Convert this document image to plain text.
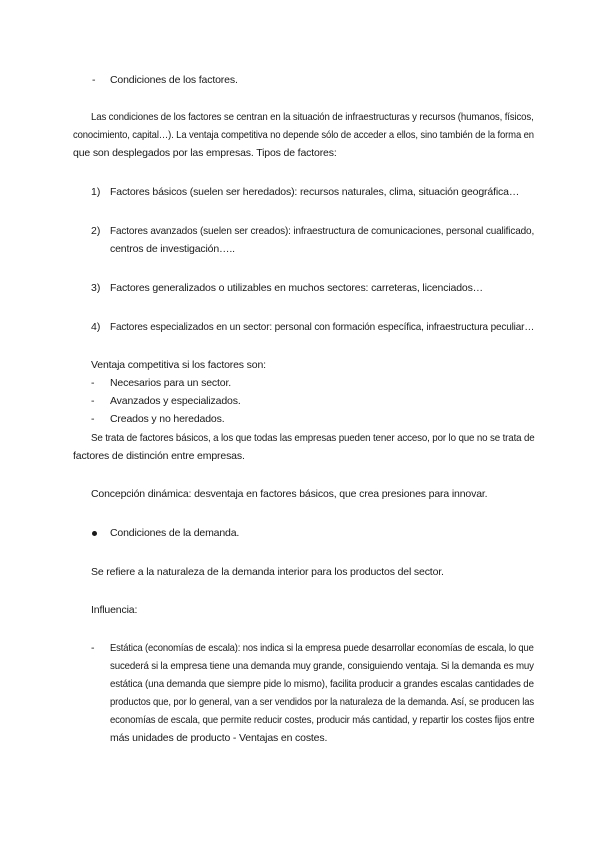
- Condiciones de los factores.
Las condiciones de los factores se centran en la situación de infraestructuras y recursos (humanos, físicos,
conocimiento, capital…). La ventaja competitiva no depende sólo de acceder a ellos, sino también de la forma en
que son desplegados por las empresas. Tipos de factores:
1) Factores básicos (suelen ser heredados): recursos naturales, clima, situación geográfica…
2) Factores avanzados (suelen ser creados): infraestructura de comunicaciones, personal cualificado,
centros de investigación…..
3) Factores generalizados o utilizables en muchos sectores: carreteras, licenciados…
4) Factores especializados en un sector: personal con formación específica, infraestructura peculiar…
Ventaja competitiva si los factores son:
- Necesarios para un sector.
- Avanzados y especializados.
- Creados y no heredados.
Se trata de factores básicos, a los que todas las empresas pueden tener acceso, por lo que no se trata de
factores de distinción entre empresas.
Concepción dinámica: desventaja en factores básicos, que crea presiones para innovar.
Condiciones de la demanda.
Se refiere a la naturaleza de la demanda interior para los productos del sector.
Influencia:
- Estática (economías de escala): nos indica si la empresa puede desarrollar economías de escala, lo que
sucederá si la empresa tiene una demanda muy grande, consiguiendo ventaja. Si la demanda es muy
estática (una demanda que siempre pide lo mismo), facilita producir a grandes escalas cantidades de
productos que, por lo general, van a ser vendidos por la naturaleza de la demanda. Así, se producen las
economías de escala, que permite reducir costes, producir más cantidad, y repartir los costes fijos entre
más unidades de producto - Ventajas en costes.
